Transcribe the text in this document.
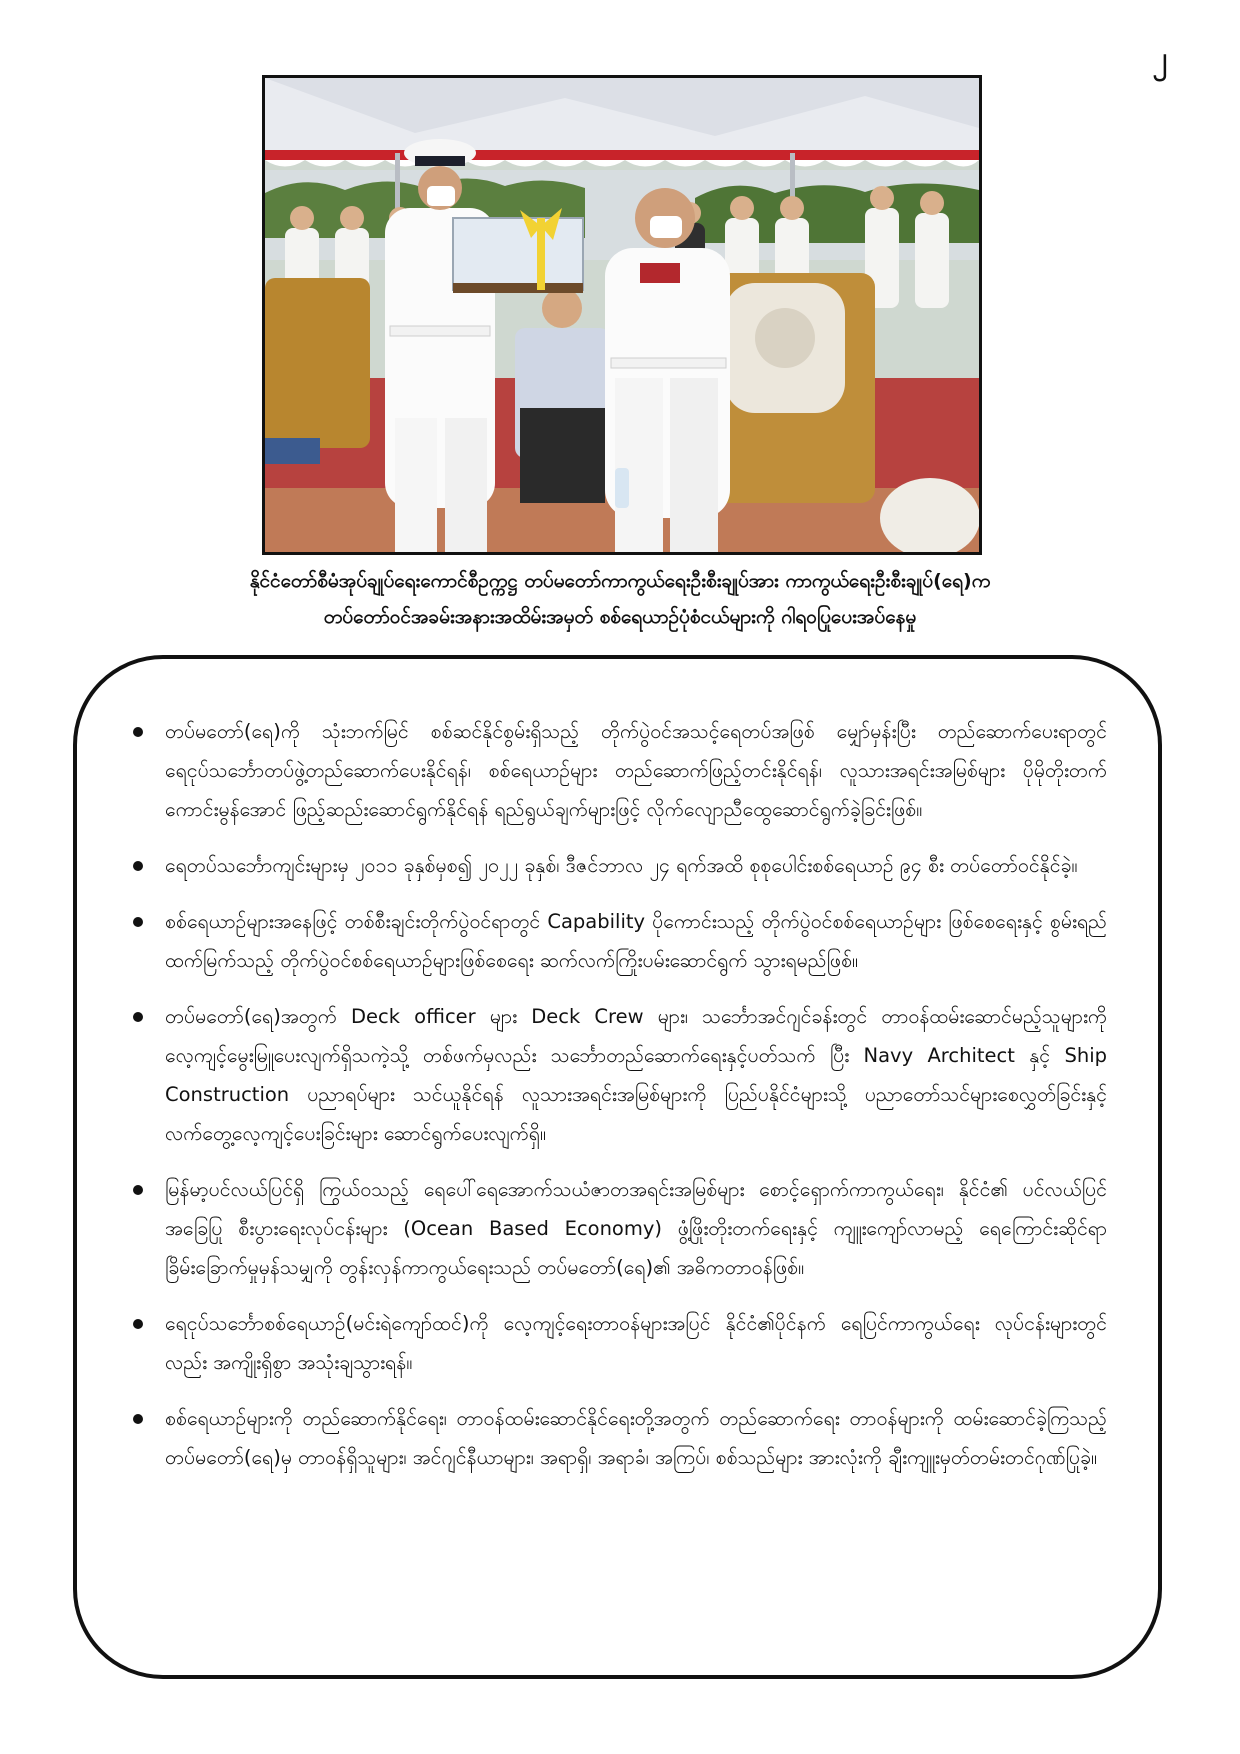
၂
နိုင်ငံတော်စီမံအုပ်ချုပ်ရေးကောင်စီဥက္ကဋ္ဌ တပ်မတော်ကာကွယ်ရေးဦးစီးချုပ်အား ကာကွယ်ရေးဦးစီးချုပ်(ရေ)က
တပ်တော်ဝင်အခမ်းအနားအထိမ်းအမှတ် စစ်ရေယာဉ်ပုံစံငယ်များကို ဂါရဝပြုပေးအပ်နေမှု
တပ်မတော်(ရေ)ကို သုံးဘက်မြင် စစ်ဆင်နိုင်စွမ်းရှိသည့် တိုက်ပွဲဝင်အသင့်ရေတပ်အဖြစ် မျှော်မှန်းပြီး တည်ဆောက်ပေးရာတွင် ရေငုပ်သင်္ဘောတပ်ဖွဲ့တည်ဆောက်ပေးနိုင်ရန်၊ စစ်ရေယာဉ်များ တည်ဆောက်ဖြည့်တင်းနိုင်ရန်၊ လူသားအရင်းအမြစ်များ ပိုမိုတိုးတက်ကောင်းမွန်အောင် ဖြည့်ဆည်းဆောင်ရွက်နိုင်ရန် ရည်ရွယ်ချက်များဖြင့် လိုက်လျောညီထွေဆောင်ရွက်ခဲ့ခြင်းဖြစ်။
ရေတပ်သင်္ဘောကျင်းများမှ ၂၀၁၁ ခုနှစ်မှစ၍ ၂၀၂၂ ခုနှစ်၊ ဒီဇင်ဘာလ ၂၄ ရက်အထိ စုစုပေါင်းစစ်ရေယာဉ် ၉၄ စီး တပ်တော်ဝင်နိုင်ခဲ့။
စစ်ရေယာဉ်များအနေဖြင့် တစ်စီးချင်းတိုက်ပွဲဝင်ရာတွင် Capability ပိုကောင်းသည့် တိုက်ပွဲဝင်စစ်ရေယာဉ်များ ဖြစ်စေရေးနှင့် စွမ်းရည်ထက်မြက်သည့် တိုက်ပွဲဝင်စစ်ရေယာဉ်များဖြစ်စေရေး ဆက်လက်ကြိုးပမ်းဆောင်ရွက် သွားရမည်ဖြစ်။
တပ်မတော်(ရေ)အတွက် Deck officer များ Deck Crew များ၊ သင်္ဘောအင်ဂျင်ခန်းတွင် တာဝန်ထမ်းဆောင်မည့်သူများကို လေ့ကျင့်မွေးမြူပေးလျက်ရှိသကဲ့သို့ တစ်ဖက်မှလည်း သင်္ဘောတည်ဆောက်ရေးနှင့်ပတ်သက် ပြီး Navy Architect နှင့် Ship Construction ပညာရပ်များ သင်ယူနိုင်ရန် လူသားအရင်းအမြစ်များကို ပြည်ပနိုင်ငံများသို့ ပညာတော်သင်များစေလွှတ်ခြင်းနှင့် လက်တွေ့လေ့ကျင့်ပေးခြင်းများ ဆောင်ရွက်ပေးလျက်ရှိ။
မြန်မာ့ပင်လယ်ပြင်ရှိ ကြွယ်ဝသည့် ရေပေါ်ရေအောက်သယံဇာတအရင်းအမြစ်များ စောင့်ရှောက်ကာကွယ်ရေး၊ နိုင်ငံ၏ ပင်လယ်ပြင်အခြေပြု စီးပွားရေးလုပ်ငန်းများ (Ocean Based Economy) ဖွံ့ဖြိုးတိုးတက်ရေးနှင့် ကျူးကျော်လာမည့် ရေကြောင်းဆိုင်ရာ ခြိမ်းခြောက်မှုမှန်သမျှကို တွန်းလှန်ကာကွယ်ရေးသည် တပ်မတော်(ရေ)၏ အဓိကတာဝန်ဖြစ်။
ရေငုပ်သင်္ဘောစစ်ရေယာဉ်(မင်းရဲကျော်ထင်)ကို လေ့ကျင့်ရေးတာဝန်များအပြင် နိုင်ငံ၏ပိုင်နက် ရေပြင်ကာကွယ်ရေး လုပ်ငန်းများတွင်လည်း အကျိုးရှိစွာ အသုံးချသွားရန်။
စစ်ရေယာဉ်များကို တည်ဆောက်နိုင်ရေး၊ တာဝန်ထမ်းဆောင်နိုင်ရေးတို့အတွက် တည်ဆောက်ရေး တာဝန်များကို ထမ်းဆောင်ခဲ့ကြသည့် တပ်မတော်(ရေ)မှ တာဝန်ရှိသူများ၊ အင်ဂျင်နီယာများ၊ အရာရှိ၊ အရာခံ၊ အကြပ်၊ စစ်သည်များ အားလုံးကို ချီးကျူးမှတ်တမ်းတင်ဂုဏ်ပြုခဲ့။
